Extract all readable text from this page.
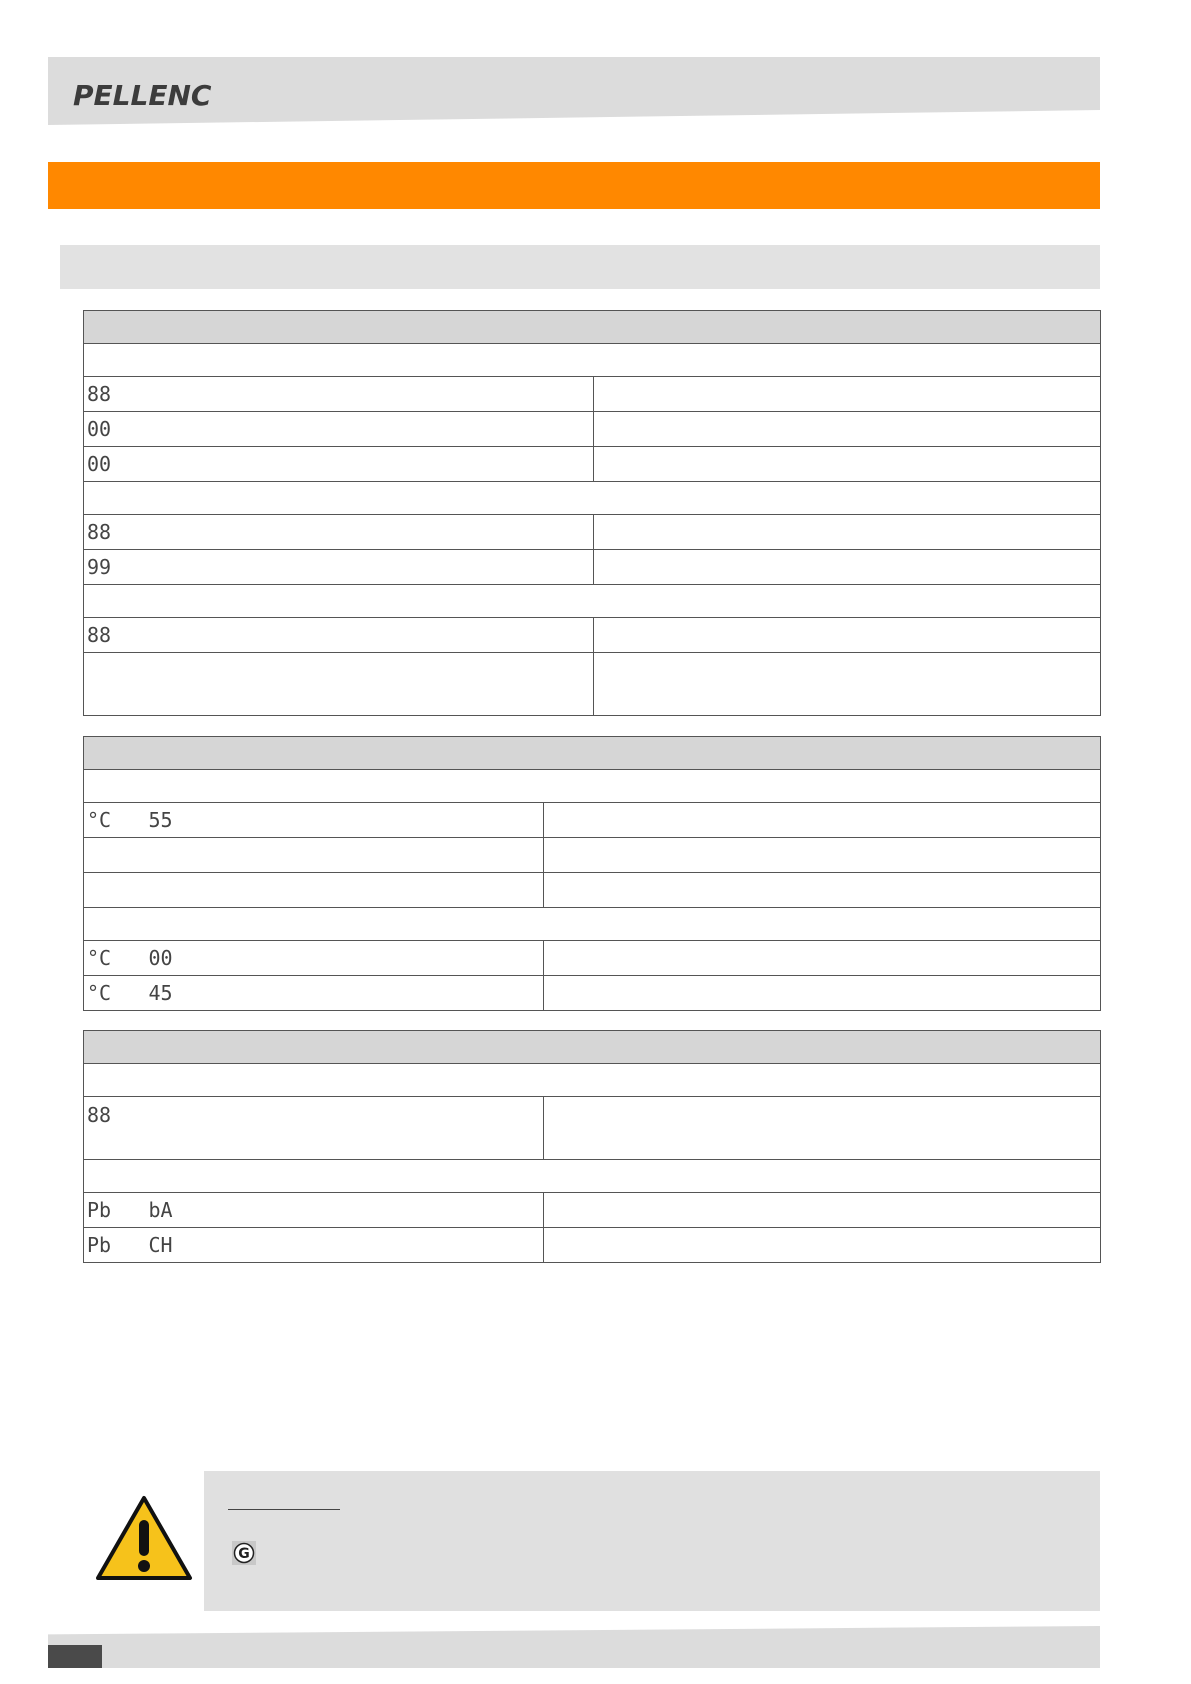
PELLENC

88	
00	
00	

88	
99	

88	

°C	55		

°C	00		
°C	45		

88			

Pb	bA		
Pb	CH		
G
